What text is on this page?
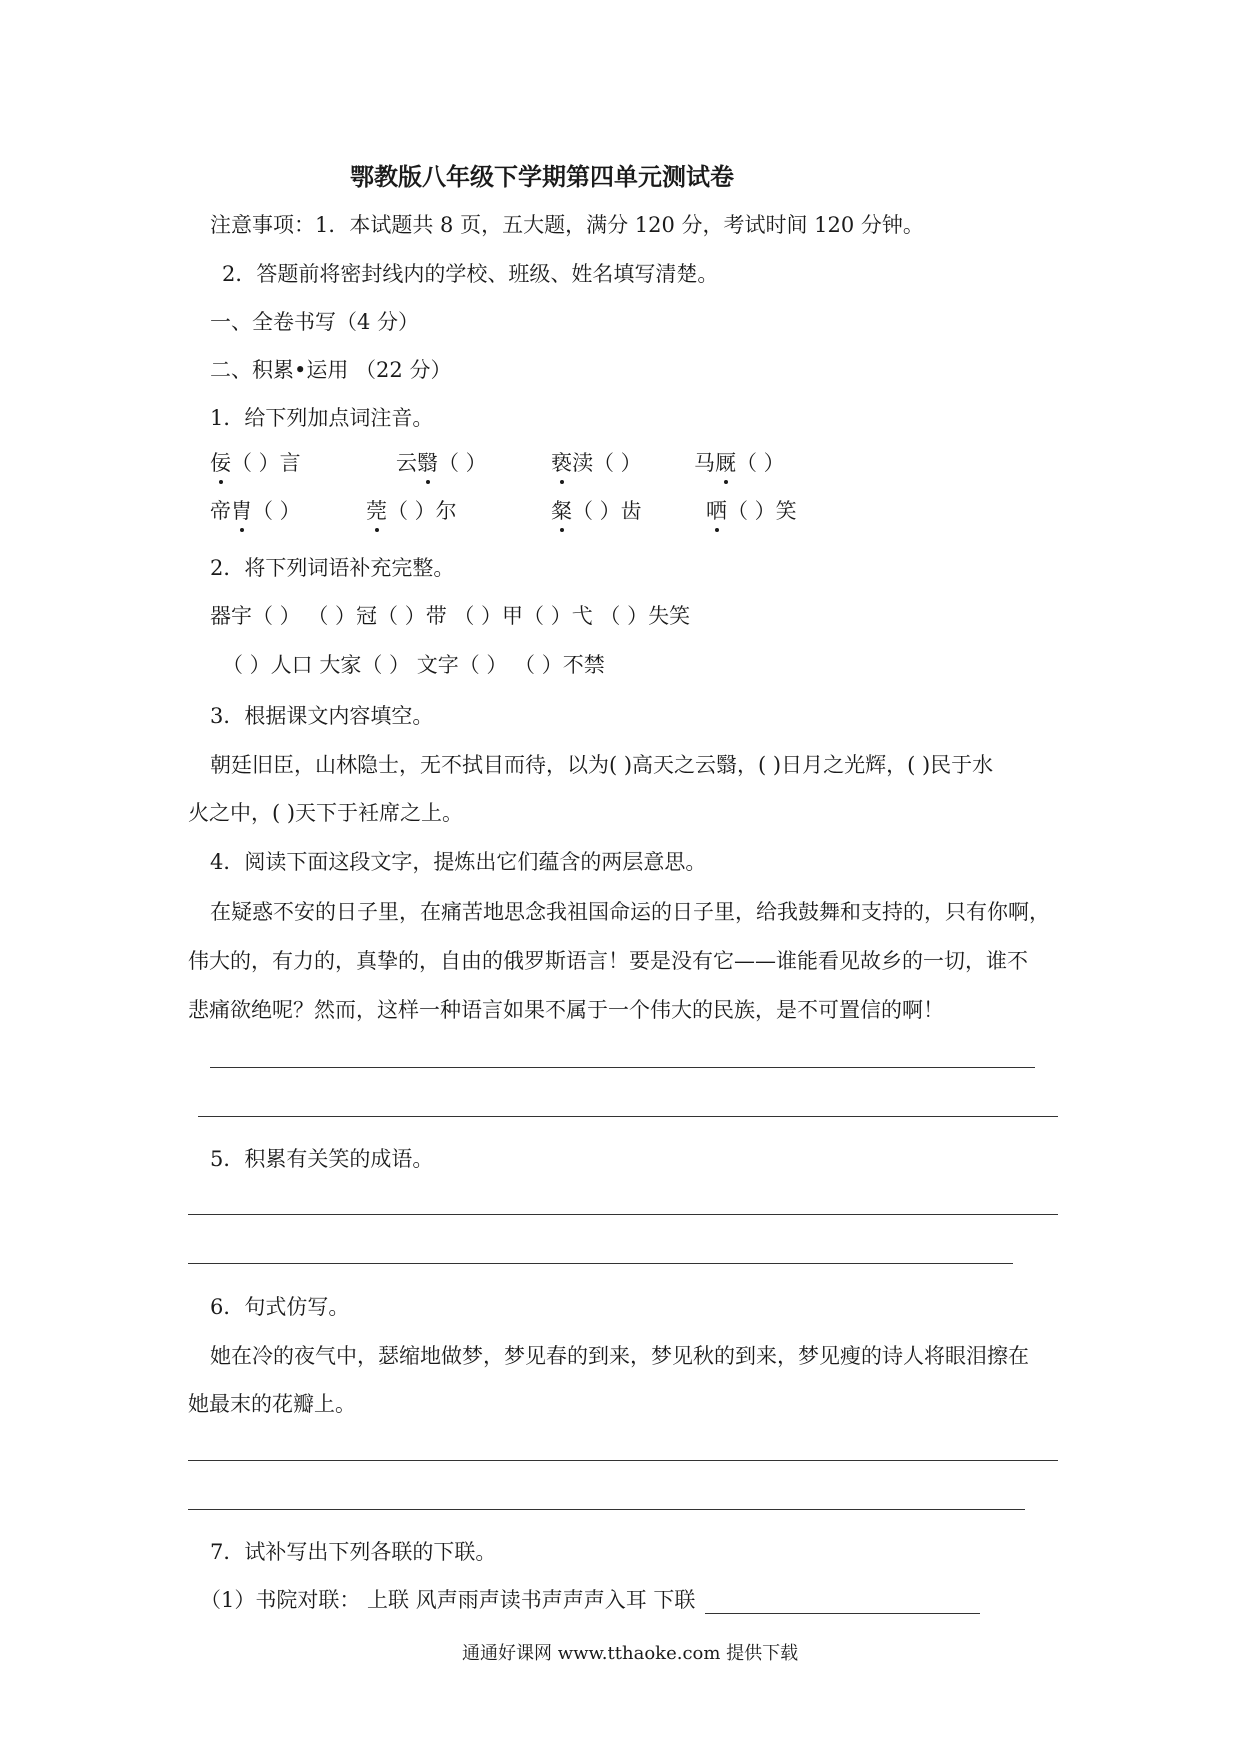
鄂教版八年级下学期第四单元测试卷
注意事项：1．本试题共 8 页，五大题，满分 120 分，考试时间 120 分钟。
2．答题前将密封线内的学校、班级、姓名填写清楚。
一、全卷书写（4 分）
二、积累•运用 （22 分）
1．给下列加点词注音。
佞（ ）言	云翳（ ）	亵渎（ ） 马厩（ ）
帝胄（ ）	莞（ ）尔	粲（ ）齿	哂（ ）笑
2．将下列词语补充完整。
器宇（ ） （ ）冠（ ）带 （ ）甲（ ）弋 （ ）失笑
（ ）人口 大家（ ） 文字（ ） （ ）不禁
3．根据课文内容填空。
朝廷旧臣，山林隐士，无不拭目而待，以为( )高天之云翳，( )日月之光辉，( )民于水
火之中，( )天下于衽席之上。
4．阅读下面这段文字，提炼出它们蕴含的两层意思。
在疑惑不安的日子里，在痛苦地思念我祖国命运的日子里，给我鼓舞和支持的，只有你啊，
伟大的，有力的，真挚的，自由的俄罗斯语言！要是没有它——谁能看见故乡的一切，谁不
悲痛欲绝呢？然而，这样一种语言如果不属于一个伟大的民族，是不可置信的啊！
5．积累有关笑的成语。
6．句式仿写。
她在冷的夜气中，瑟缩地做梦，梦见春的到来，梦见秋的到来，梦见瘦的诗人将眼泪擦在
她最末的花瓣上。
7．试补写出下列各联的下联。
（1）书院对联： 上联 风声雨声读书声声声入耳 下联
通通好课网 www.tthaoke.com 提供下载
